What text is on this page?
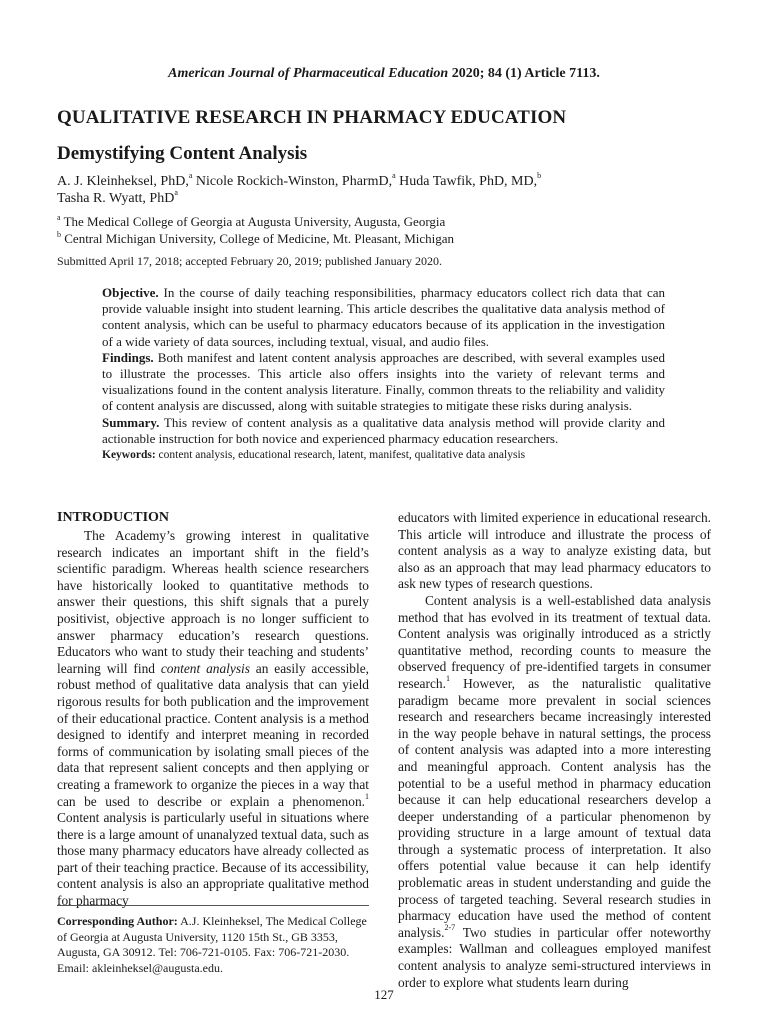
American Journal of Pharmaceutical Education 2020; 84 (1) Article 7113.
QUALITATIVE RESEARCH IN PHARMACY EDUCATION
Demystifying Content Analysis
A. J. Kleinheksel, PhD,$^a$ Nicole Rockich-Winston, PharmD,$^a$ Huda Tawfik, PhD, MD,$^b$
Tasha R. Wyatt, PhD$^a$
$^a$ The Medical College of Georgia at Augusta University, Augusta, Georgia
$^b$ Central Michigan University, College of Medicine, Mt. Pleasant, Michigan
Submitted April 17, 2018; accepted February 20, 2019; published January 2020.

Objective. In the course of daily teaching responsibilities, pharmacy educators collect rich data that can provide valuable insight into student learning. This article describes the qualitative data analysis method of content analysis, which can be useful to pharmacy educators because of its application in the investigation of a wide variety of data sources, including textual, visual, and audio files.

Findings. Both manifest and latent content analysis approaches are described, with several examples used to illustrate the processes. This article also offers insights into the variety of relevant terms and visualizations found in the content analysis literature. Finally, common threats to the reliability and validity of content analysis are discussed, along with suitable strategies to mitigate these risks during analysis.

Summary. This review of content analysis as a qualitative data analysis method will provide clarity and actionable instruction for both novice and experienced pharmacy education researchers.

Keywords: content analysis, educational research, latent, manifest, qualitative data analysis

INTRODUCTION

The Academy’s growing interest in qualitative research indicates an important shift in the field’s scientific paradigm. Whereas health science researchers have historically looked to quantitative methods to answer their questions, this shift signals that a purely positivist, objective approach is no longer sufficient to answer pharmacy education’s research questions. Educators who want to study their teaching and students’ learning will find content analysis an easily accessible, robust method of qualitative data analysis that can yield rigorous results for both publication and the improvement of their educational practice. Content analysis is a method designed to identify and interpret meaning in recorded forms of communication by isolating small pieces of the data that represent salient concepts and then applying or creating a framework to organize the pieces in a way that can be used to describe or explain a phenomenon.$^1$ Content analysis is particularly useful in situations where there is a large amount of unanalyzed textual data, such as those many pharmacy educators have already collected as part of their teaching practice. Because of its accessibility, content analysis is also an appropriate qualitative method for pharmacy

educators with limited experience in educational research. This article will introduce and illustrate the process of content analysis as a way to analyze existing data, but also as an approach that may lead pharmacy educators to ask new types of research questions.

Content analysis is a well-established data analysis method that has evolved in its treatment of textual data. Content analysis was originally introduced as a strictly quantitative method, recording counts to measure the observed frequency of pre-identified targets in consumer research.$^1$ However, as the naturalistic qualitative paradigm became more prevalent in social sciences research and researchers became increasingly interested in the way people behave in natural settings, the process of content analysis was adapted into a more interesting and meaningful approach. Content analysis has the potential to be a useful method in pharmacy education because it can help educational researchers develop a deeper understanding of a particular phenomenon by providing structure in a large amount of textual data through a systematic process of interpretation. It also offers potential value because it can help identify problematic areas in student understanding and guide the process of targeted teaching. Several research studies in pharmacy education have used the method of content analysis.$^{2-7}$ Two studies in particular offer noteworthy examples: Wallman and colleagues employed manifest content analysis to analyze semi-structured interviews in order to explore what students learn during

Corresponding Author: A.J. Kleinheksel, The Medical College of Georgia at Augusta University, 1120 15th St., GB 3353, Augusta, GA 30912. Tel: 706-721-0105. Fax: 706-721-2030. Email: akleinheksel@augusta.edu.
127
